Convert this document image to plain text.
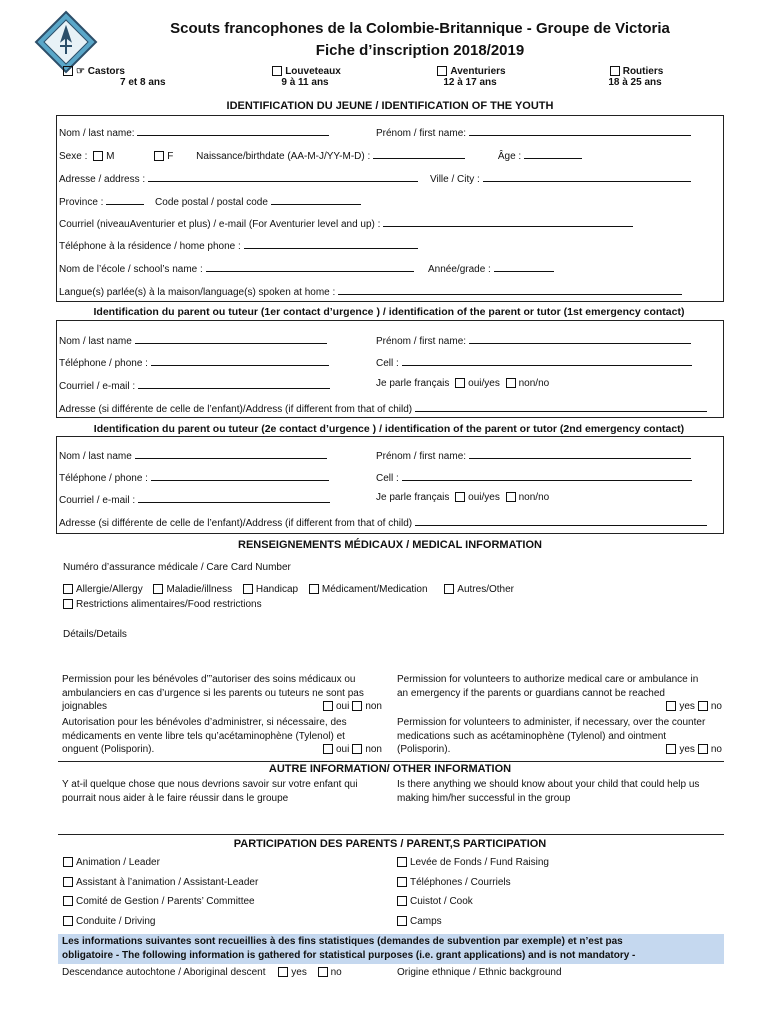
Scouts francophones de la Colombie-Britannique - Groupe de Victoria
Fiche d’inscription 2018/2019
☞ Castors
7 et 8 ans
Louveteaux
9 à 11 ans
Aventuriers
12 à 17 ans
Routiers
18 à 25 ans
IDENTIFICATION DU JEUNE / IDENTIFICATION OF THE YOUTH
Nom / last name:	Prénom / first name:
Sexe : M	F Naissance/birthdate (AA-M-J/YY-M-D) :	Âge :
Adresse / address :	Ville / City :
Province :	Code postal / postal code
Courriel (niveauAventurier et plus) / e-mail (For Aventurier level and up) :
Téléphone à la résidence / home phone :
Nom de l’école / school’s name :	Année/grade :
Langue(s) parlée(s) à la maison/language(s) spoken at home :
Identification du parent ou tuteur (1er contact d’urgence ) / identification of the parent or tutor (1st emergency contact)
Nom / last name	Prénom / first name:
Téléphone / phone :	Cell :
Courriel / e-mail :	Je parle français oui/yes non/no
Adresse (si différente de celle de l’enfant)/Address (if different from that of child)
Identification du parent ou tuteur (2e contact d’urgence ) / identification of the parent or tutor (2nd emergency contact)
Nom / last name	Prénom / first name:
Téléphone / phone :	Cell :
Courriel / e-mail :	Je parle français oui/yes non/no
Adresse (si différente de celle de l’enfant)/Address (if different from that of child)
RENSEIGNEMENTS MÉDICAUX / MEDICAL INFORMATION
Numéro d’assurance médicale / Care Card Number
Allergie/Allergy Maladie/illness Handicap Médicament/Medication	Autres/Other
Restrictions alimentaires/Food restrictions
Détails/Details
Permission pour les bénévoles d’”autoriser des soins médicaux ou
ambulanciers en cas d’urgence si les parents ou tuteurs ne sont pas
joignables	oui non
Permission for volunteers to authorize medical care or ambulance in
an emergency if the parents or guardians cannot be reached
yes no
Autorisation pour les bénévoles d’administrer, si nécessaire, des
médicaments en vente libre tels qu’acétaminophène (Tylenol) et
onguent (Polisporin).	oui non
Permission for volunteers to administer, if necessary, over the counter
medications such as acétaminophène (Tylenol) and ointment
(Polisporin).	yes no
AUTRE INFORMATION/ OTHER INFORMATION
Y at-il quelque chose que nous devrions savoir sur votre enfant qui
pourrait nous aider à le faire réussir dans le groupe
Is there anything we should know about your child that could help us
making him/her successful in the group
PARTICIPATION DES PARENTS / PARENT,S PARTICIPATION
Animation / Leader
Assistant à l’animation / Assistant-Leader
Comité de Gestion / Parents’ Committee
Conduite / Driving
Levée de Fonds / Fund Raising
Téléphones / Courriels
Cuistot / Cook
Camps
Les informations suivantes sont recueillies à des fins statistiques (demandes de subvention par exemple) et n’est pas
obligatoire - The following information is gathered for statistical purposes (i.e. grant applications) and is not mandatory -
Descendance autochtone / Aboriginal descent	yes no	Origine ethnique / Ethnic background
